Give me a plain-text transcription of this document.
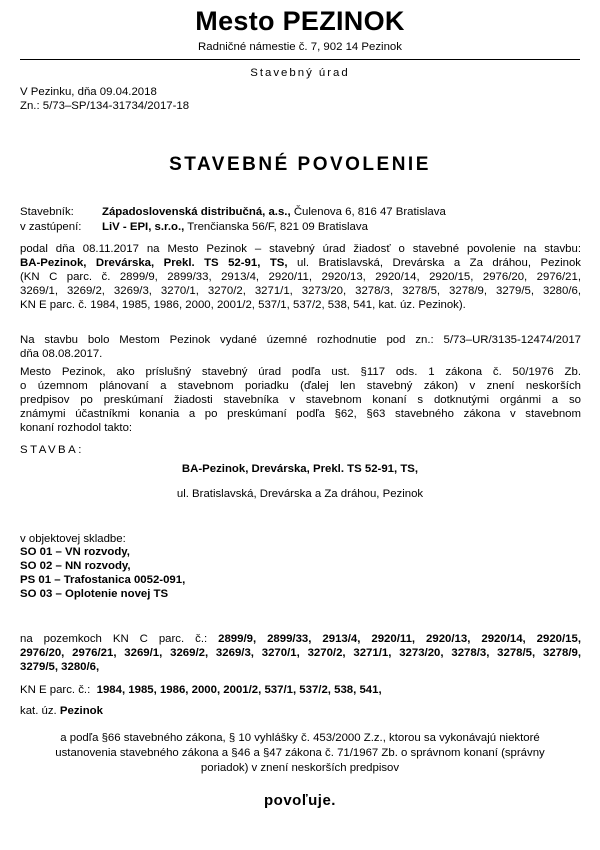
Mesto PEZINOK
Radničné námestie č. 7, 902 14 Pezinok
Stavebný úrad
V Pezinku, dňa 09.04.2018
Zn.: 5/73–SP/134-31734/2017-18
STAVEBNÉ POVOLENIE
Stavebník: Západoslovenská distribučná, a.s., Čulenova 6, 816 47 Bratislava
v zastúpení: LiV - EPI, s.r.o., Trenčianska 56/F, 821 09 Bratislava
podal dňa 08.11.2017 na Mesto Pezinok – stavebný úrad žiadosť o stavebné povolenie na stavbu:
BA-Pezinok, Drevárska, Prekl. TS 52-91, TS, ul. Bratislavská, Drevárska a Za dráhou, Pezinok
(KN C parc. č. 2899/9, 2899/33, 2913/4, 2920/11, 2920/13, 2920/14, 2920/15, 2976/20, 2976/21,
3269/1, 3269/2, 3269/3, 3270/1, 3270/2, 3271/1, 3273/20, 3278/3, 3278/5, 3278/9, 3279/5, 3280/6,
KN E parc. č. 1984, 1985, 1986, 2000, 2001/2, 537/1, 537/2, 538, 541, kat. úz. Pezinok).
Na stavbu bolo Mestom Pezinok vydané územné rozhodnutie pod zn.: 5/73–UR/3135-12474/2017
dňa 08.08.2017.
Mesto Pezinok, ako príslušný stavebný úrad podľa ust. §117 ods. 1 zákona č. 50/1976 Zb.
o územnom plánovaní a stavebnom poriadku (ďalej len stavebný zákon) v znení neskorších
predpisov po preskúmaní žiadosti stavebníka v stavebnom konaní s dotknutými orgánmi a so
známymi účastníkmi konania a po preskúmaní podľa §62, §63 stavebného zákona v stavebnom
konaní rozhodol takto:
STAVBA:
BA-Pezinok, Drevárska, Prekl. TS 52-91, TS,
ul. Bratislavská, Drevárska a Za dráhou, Pezinok
v objektovej skladbe:
SO 01 – VN rozvody,
SO 02 – NN rozvody,
PS 01 – Trafostanica 0052-091,
SO 03 – Oplotenie novej TS
na pozemkoch KN C parc. č.: 2899/9, 2899/33, 2913/4, 2920/11, 2920/13, 2920/14, 2920/15,
2976/20, 2976/21, 3269/1, 3269/2, 3269/3, 3270/1, 3270/2, 3271/1, 3273/20, 3278/3, 3278/5, 3278/9,
3279/5, 3280/6,
KN E parc. č.: 1984, 1985, 1986, 2000, 2001/2, 537/1, 537/2, 538, 541,
kat. úz. Pezinok
a podľa §66 stavebného zákona, § 10 vyhlášky č. 453/2000 Z.z., ktorou sa vykonávajú niektoré
ustanovenia stavebného zákona a §46 a §47 zákona č. 71/1967 Zb. o správnom konaní (správny
poriadok) v znení neskorších predpisov
povoľuje.
